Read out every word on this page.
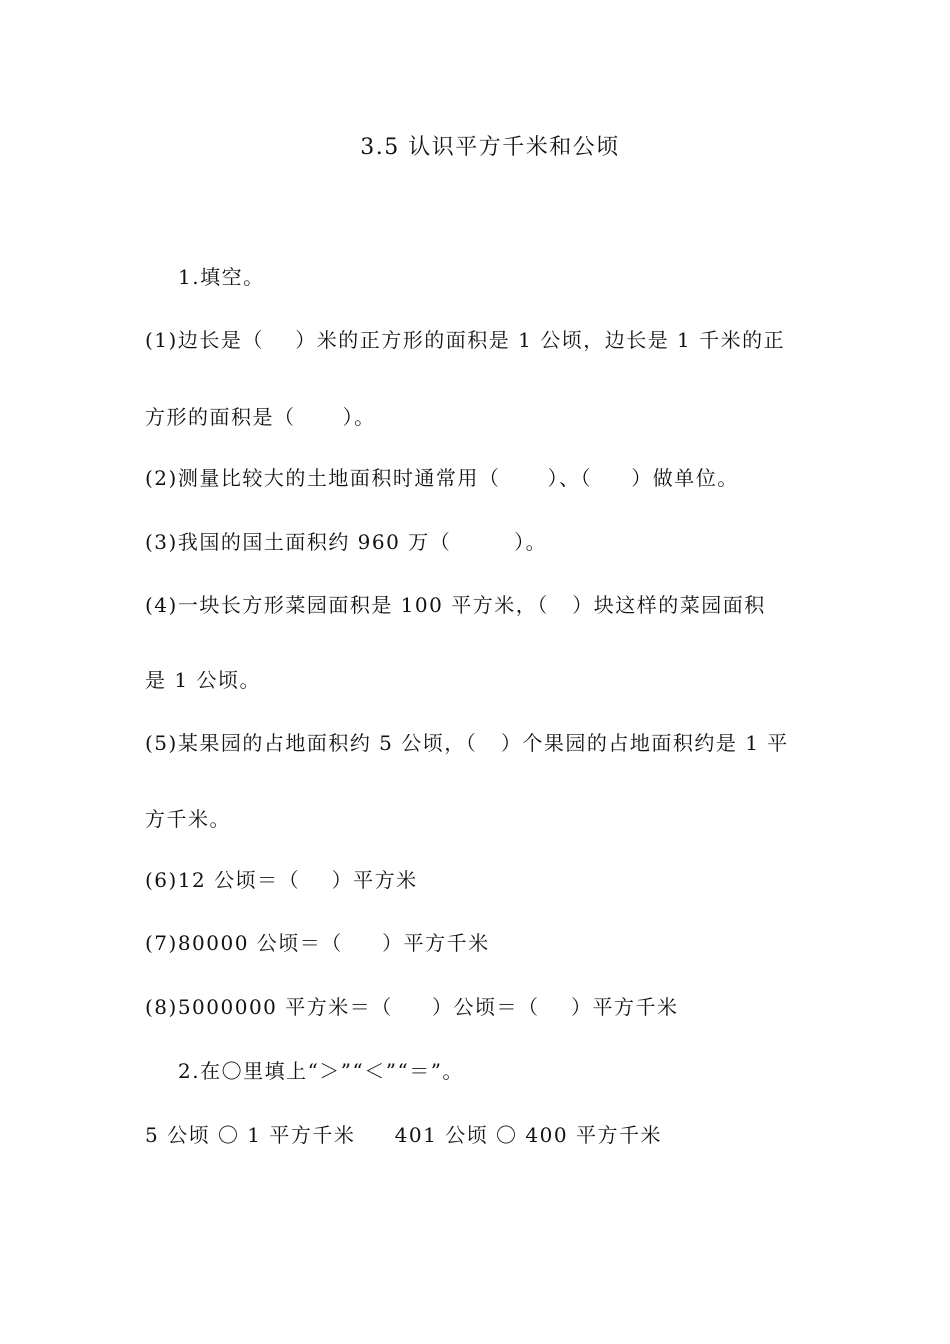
3.5 认识平方千米和公顷
1.填空。
(1)边长是（    ）米的正方形的面积是 1 公顷，边长是 1 千米的正
方形的面积是（      ）。
(2)测量比较大的土地面积时通常用（      ）、（     ）做单位。
(3)我国的国土面积约 960 万（        ）。
(4)一块长方形菜园面积是 100 平方米，（   ）块这样的菜园面积
是 1 公顷。
(5)某果园的占地面积约 5 公顷，（   ）个果园的占地面积约是 1 平
方千米。
(6)12 公顷＝（    ）平方米
(7)80000 公顷＝（     ）平方千米
(8)5000000 平方米＝（     ）公顷＝（    ）平方千米
2.在〇里填上“＞”“＜”“＝”。
5 公顷 〇 1 平方千米     401 公顷 〇 400 平方千米
